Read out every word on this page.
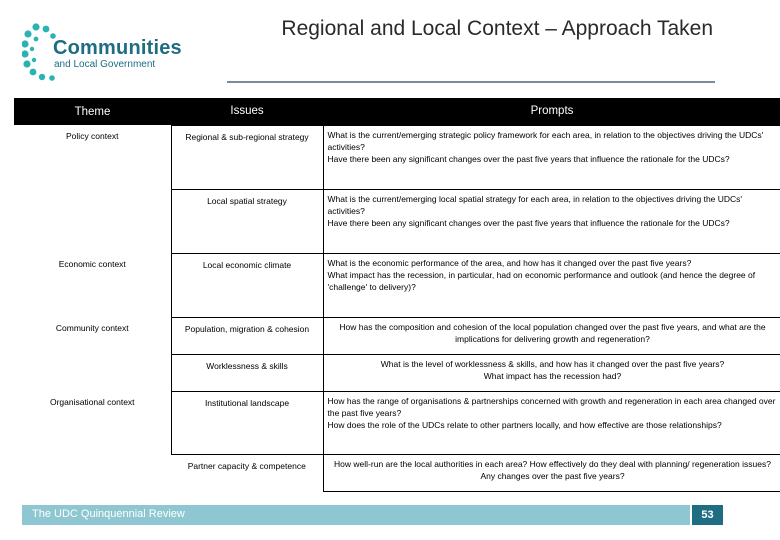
Communities
and Local Government
Regional and Local Context – Approach Taken
Theme	Issues	Prompts
Policy context	Regional & sub-regional strategy	What is the current/emerging strategic policy framework for each area, in relation to the objectives driving the UDCs' activities?
Have there been any significant changes over the past five years that influence the rationale for the UDCs?

	Local spatial strategy	What is the current/emerging local spatial strategy for each area, in relation to the objectives driving the UDCs' activities?
Have there been any significant changes over the past five years that influence the rationale for the UDCs?

Economic context	Local economic climate	What is the economic performance of the area, and how has it changed over the past five years?
What impact has the recession, in particular, had on economic performance and outlook (and hence the degree of 'challenge' to delivery)?

Community context	Population, migration & cohesion	How has the composition and cohesion of the local population changed over the past five years, and what are the implications for delivering growth and regeneration?

	Worklessness & skills	What is the level of worklessness & skills, and how has it changed over the past five years?
What impact has the recession had?

Organisational context	Institutional landscape	How has the range of organisations & partnerships concerned with growth and regeneration in each area changed over the past five years?
How does the role of the UDCs relate to other partners locally, and how effective are those relationships?

	Partner capacity & competence	How well-run are the local authorities in each area? How effectively do they deal with planning/ regeneration issues? Any changes over the past five years?
The UDC Quinquennial Review	53
